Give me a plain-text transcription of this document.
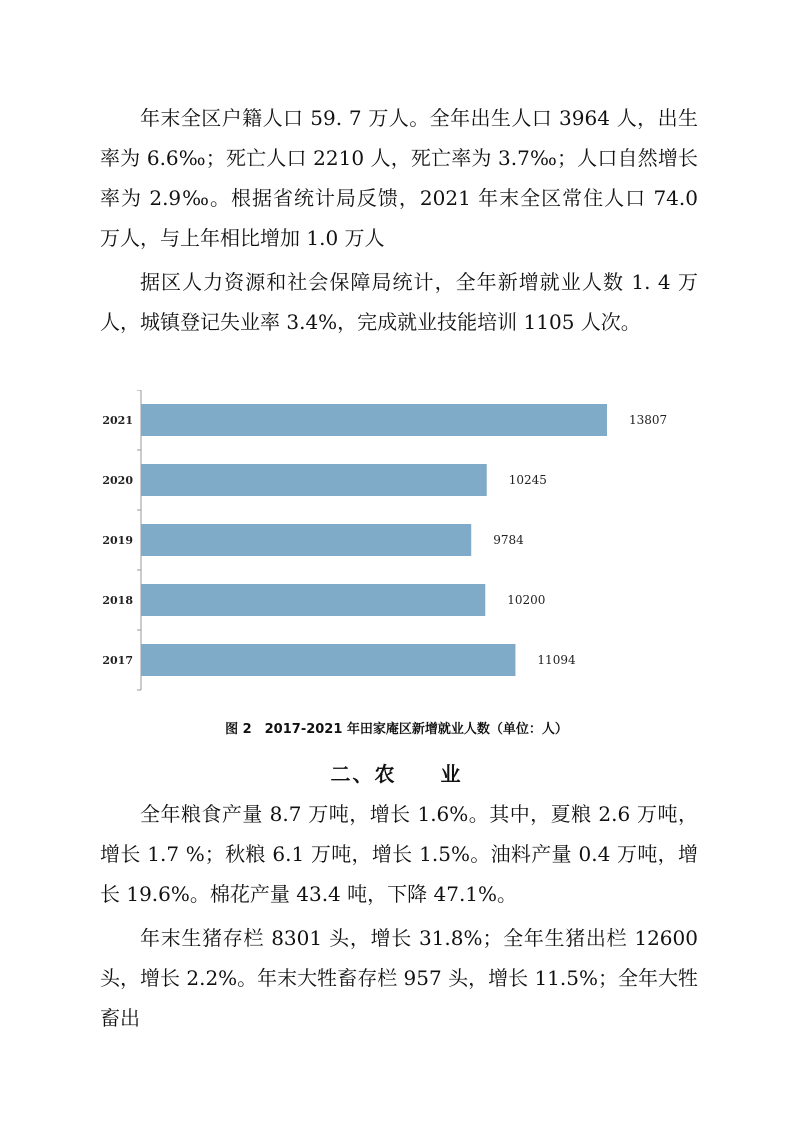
年末全区户籍人口 59. 7 万人。全年出生人口 3964 人，出生率为 6.6‰；死亡人口 2210 人，死亡率为 3.7‰；人口自然增长率为 2.9‰。根据省统计局反馈，2021 年末全区常住人口 74.0 万人，与上年相比增加 1.0 万人

据区人力资源和社会保障局统计，全年新增就业人数 1. 4 万人，城镇登记失业率 3.4%，完成就业技能培训 1105 人次。

2021	13807
2020	10245
2019	9784
2018	10200
2017	11094
图 2　2017-2021 年田家庵区新增就业人数（单位：人）
二、农　　业

全年粮食产量 8.7 万吨，增长 1.6%。其中，夏粮 2.6 万吨，增长 1.7 %；秋粮 6.1 万吨，增长 1.5%。油料产量 0.4 万吨，增长 19.6%。棉花产量 43.4 吨，下降 47.1%。

年末生猪存栏 8301 头，增长 31.8%；全年生猪出栏 12600 头，增长 2.2%。年末大牲畜存栏 957 头，增长 11.5%；全年大牲畜出
